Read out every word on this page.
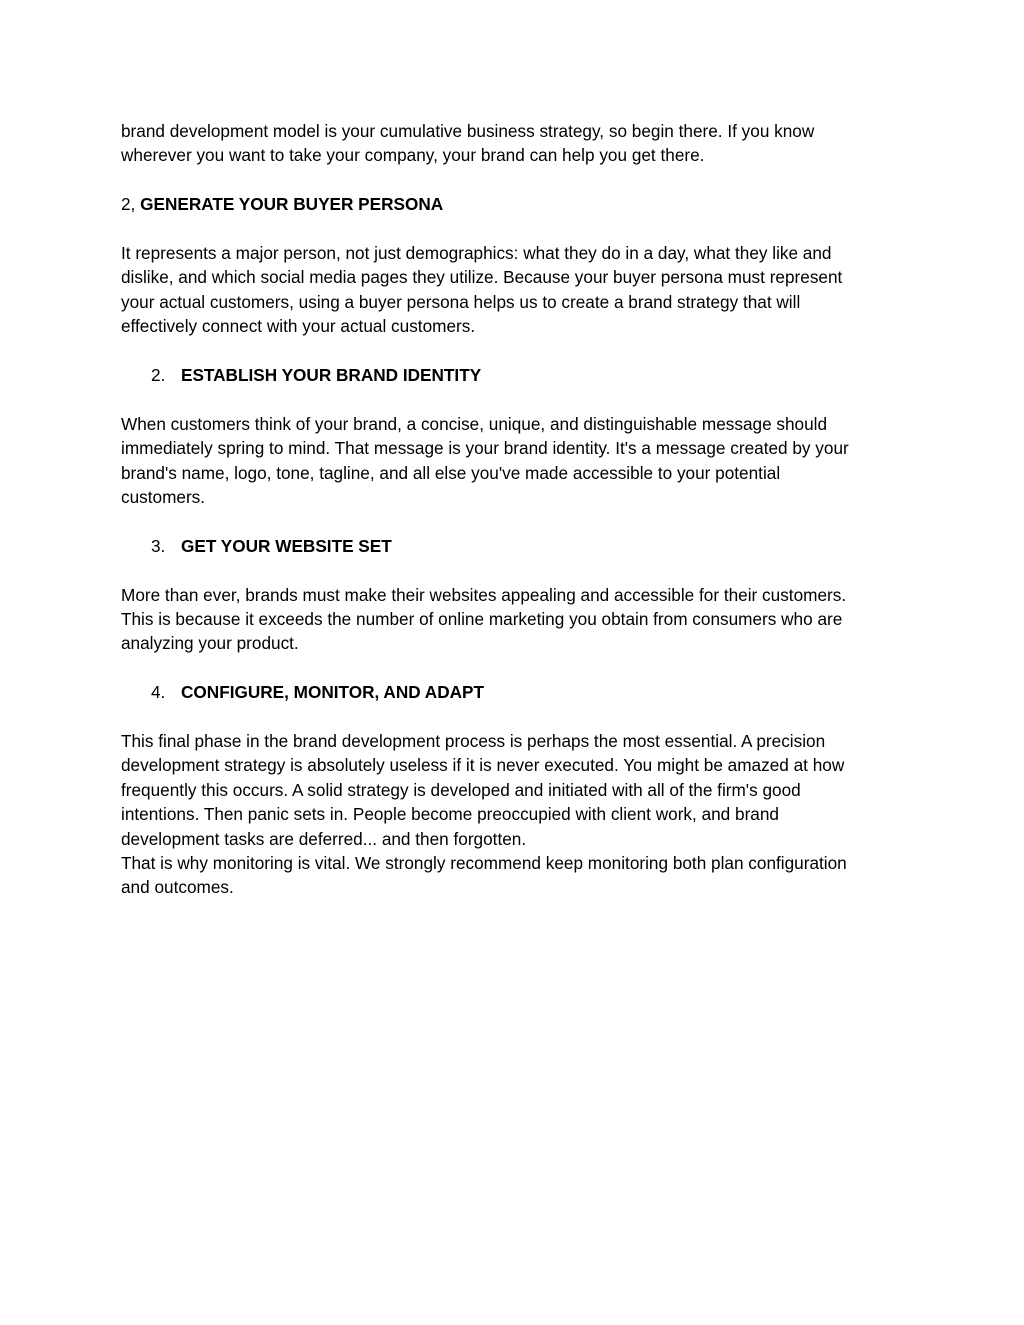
brand development model is your cumulative business strategy, so begin there. If you know
wherever you want to take your company, your brand can help you get there.

2, GENERATE YOUR BUYER PERSONA

It represents a major person, not just demographics: what they do in a day, what they like and
dislike, and which social media pages they utilize. Because your buyer persona must represent
your actual customers, using a buyer persona helps us to create a brand strategy that will
effectively connect with your actual customers.

2. ESTABLISH YOUR BRAND IDENTITY

When customers think of your brand, a concise, unique, and distinguishable message should
immediately spring to mind. That message is your brand identity. It's a message created by your
brand's name, logo, tone, tagline, and all else you've made accessible to your potential
customers.

3. GET YOUR WEBSITE SET

More than ever, brands must make their websites appealing and accessible for their customers.
This is because it exceeds the number of online marketing you obtain from consumers who are
analyzing your product.

4. CONFIGURE, MONITOR, AND ADAPT

This final phase in the brand development process is perhaps the most essential. A precision
development strategy is absolutely useless if it is never executed. You might be amazed at how
frequently this occurs. A solid strategy is developed and initiated with all of the firm's good
intentions. Then panic sets in. People become preoccupied with client work, and brand
development tasks are deferred... and then forgotten.
That is why monitoring is vital. We strongly recommend keep monitoring both plan configuration
and outcomes.
